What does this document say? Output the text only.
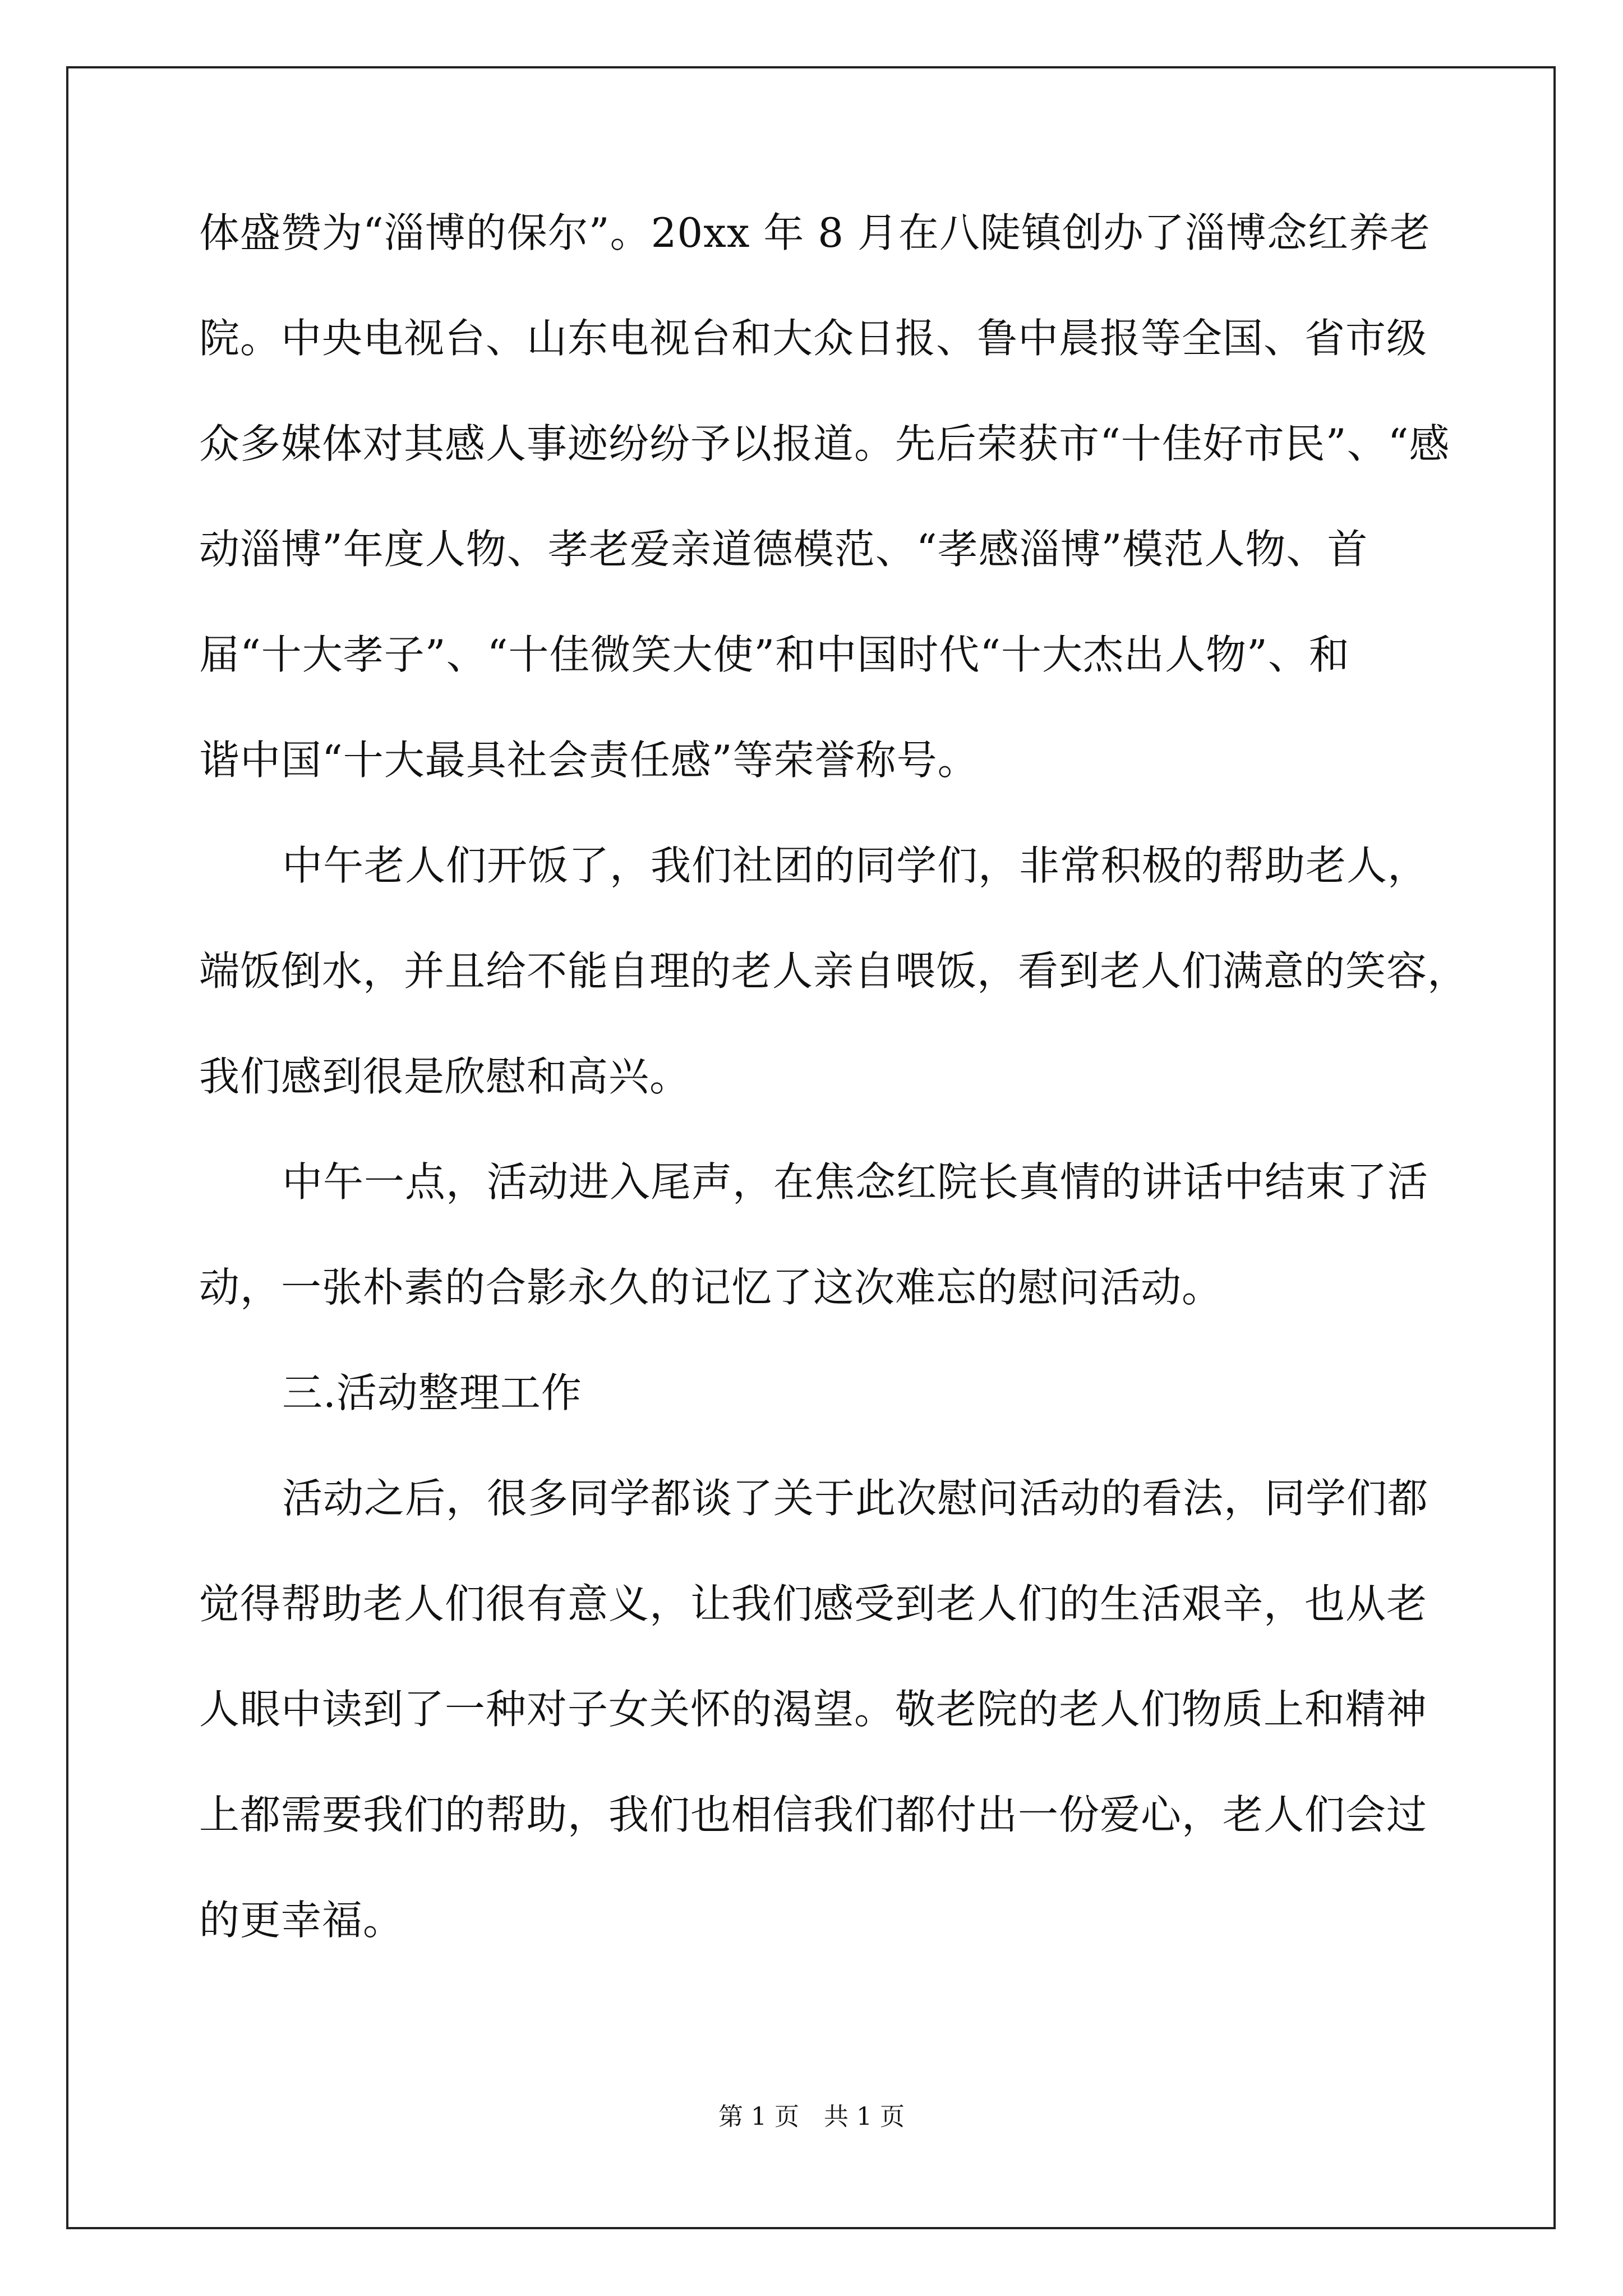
体盛赞为“淄博的保尔”。20xx 年 8 月在八陡镇创办了淄博念红养老
院。中央电视台、山东电视台和大众日报、鲁中晨报等全国、省市级
众多媒体对其感人事迹纷纷予以报道。先后荣获市“十佳好市民”、“感
动淄博”年度人物、孝老爱亲道德模范、“孝感淄博”模范人物、首
届“十大孝子”、“十佳微笑大使”和中国时代“十大杰出人物”、和
谐中国“十大最具社会责任感”等荣誉称号。
中午老人们开饭了，我们社团的同学们，非常积极的帮助老人，
端饭倒水，并且给不能自理的老人亲自喂饭，看到老人们满意的笑容，
我们感到很是欣慰和高兴。
中午一点，活动进入尾声，在焦念红院长真情的讲话中结束了活
动，一张朴素的合影永久的记忆了这次难忘的慰问活动。
三.活动整理工作
活动之后，很多同学都谈了关于此次慰问活动的看法，同学们都
觉得帮助老人们很有意义，让我们感受到老人们的生活艰辛，也从老
人眼中读到了一种对子女关怀的渴望。敬老院的老人们物质上和精神
上都需要我们的帮助，我们也相信我们都付出一份爱心，老人们会过
的更幸福。
第 1 页　共 1 页
